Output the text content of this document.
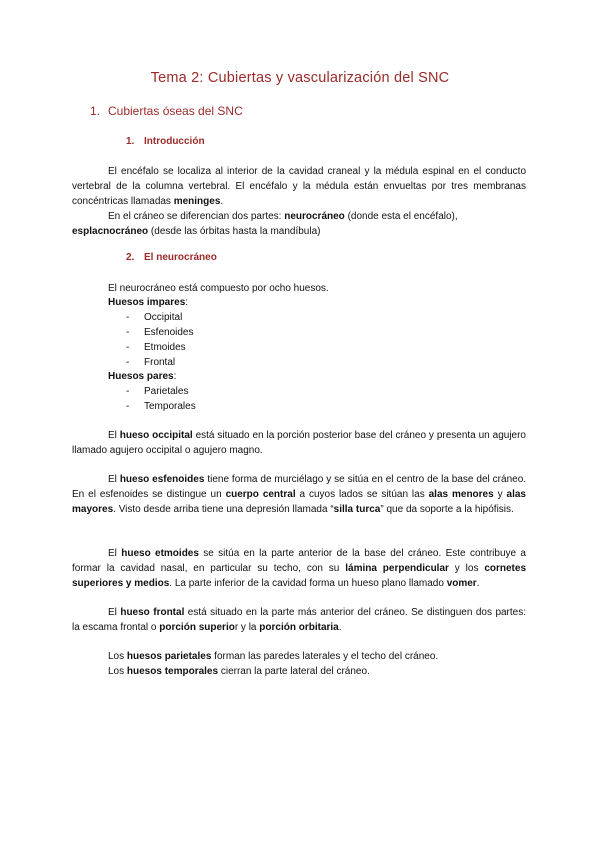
Tema 2: Cubiertas y vascularización del SNC
1. Cubiertas óseas del SNC
1. Introducción
El encéfalo se localiza al interior de la cavidad craneal y la médula espinal en el conducto vertebral de la columna vertebral. El encéfalo y la médula están envueltas por tres membranas concéntricas llamadas meninges.
En el cráneo se diferencian dos partes: neurocráneo (donde esta el encéfalo),
esplacnocráneo (desde las órbitas hasta la mandíbula)
2. El neurocráneo
El neurocráneo está compuesto por ocho huesos.
Huesos impares:
- Occipital
- Esfenoides
- Etmoides
- Frontal
Huesos pares:
- Parietales
- Temporales
El hueso occipital está situado en la porción posterior base del cráneo y presenta un agujero llamado agujero occipital o agujero magno.
El hueso esfenoides tiene forma de murciélago y se sitúa en el centro de la base del cráneo. En el esfenoides se distingue un cuerpo central a cuyos lados se sitúan las alas menores y alas mayores. Visto desde arriba tiene una depresión llamada “silla turca” que da soporte a la hipófisis.
El hueso etmoides se sitúa en la parte anterior de la base del cráneo. Este contribuye a formar la cavidad nasal, en particular su techo, con su lámina perpendicular y los cornetes superiores y medios. La parte inferior de la cavidad forma un hueso plano llamado vomer.
El hueso frontal está situado en la parte más anterior del cráneo. Se distinguen dos partes: la escama frontal o porción superior y la porción orbitaria.
Los huesos parietales forman las paredes laterales y el techo del cráneo.
Los huesos temporales cierran la parte lateral del cráneo.
